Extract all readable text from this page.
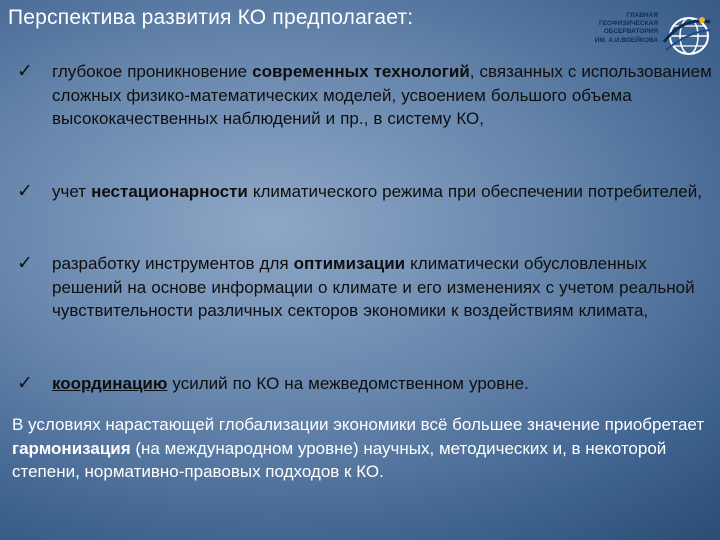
Перспектива развития КО предполагает:	ГЛАВНАЯ
ГЕОФИЗИЧЕСКАЯ
ОБСЕРВАТОРИЯ
ИМ. А.И.ВОЕЙКОВА
✓ глубокое проникновение современных технологий, связанных с использованием сложных физико-математических моделей, усвоением большого объема высококачественных наблюдений и пр., в систему КО,
✓ учет нестационарности климатического режима при обеспечении потребителей,
✓ разработку инструментов для оптимизации климатически обусловленных решений на основе информации о климате и его изменениях с учетом реальной чувствительности различных секторов экономики к воздействиям климата,
✓ координацию усилий по КО на межведомственном уровне.

В условиях нарастающей глобализации экономики всё большее значение приобретает гармонизация (на международном уровне) научных, методических и, в некоторой степени, нормативно-правовых подходов к КО.
